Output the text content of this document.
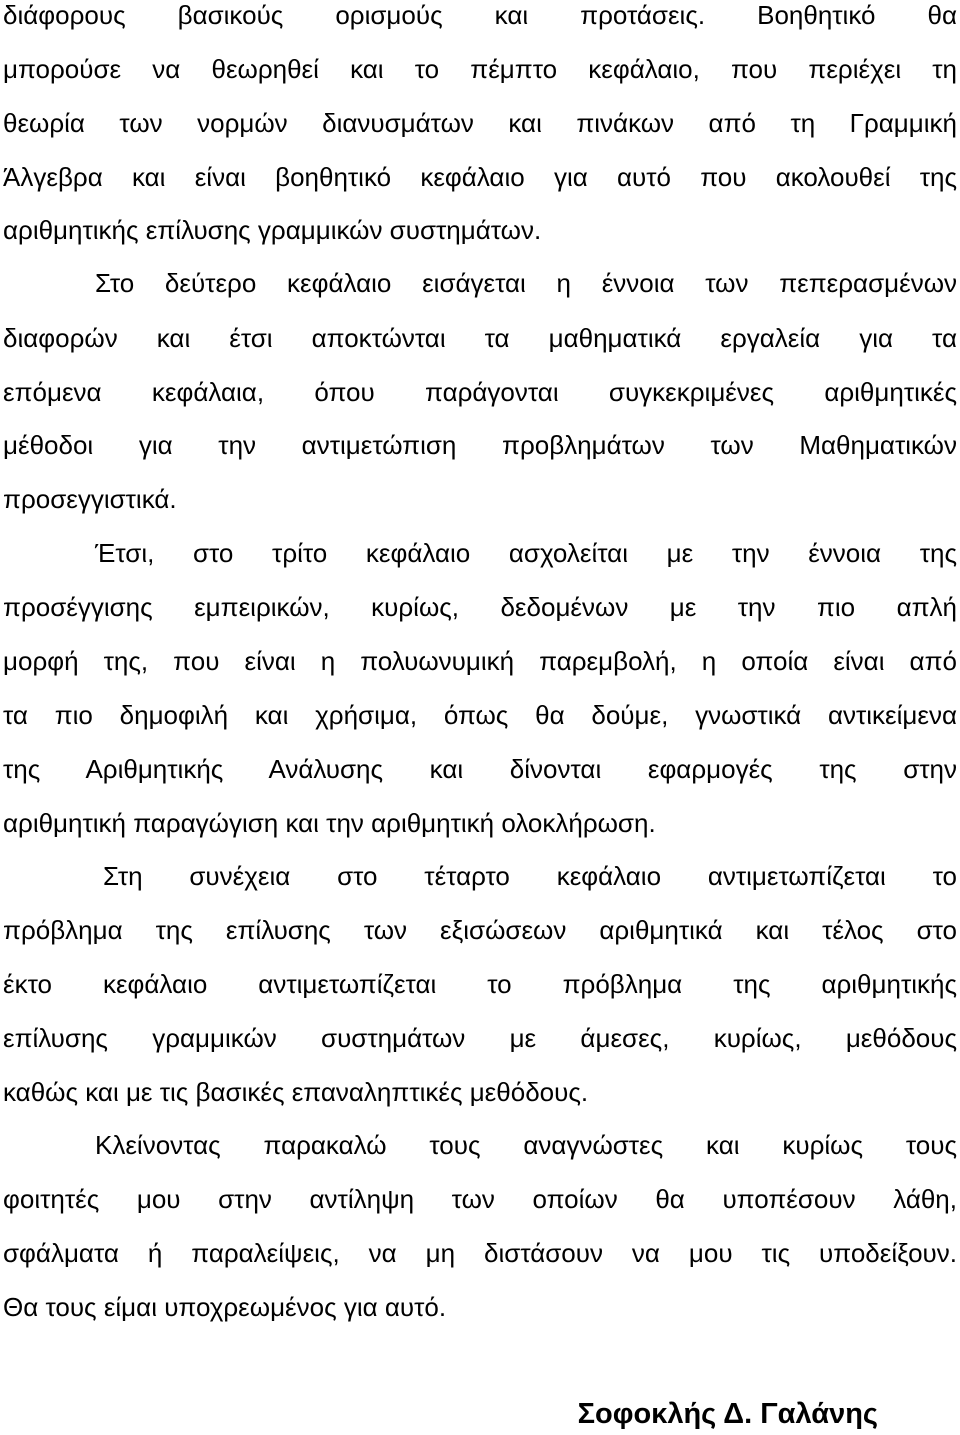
διάφορους βασικούς ορισμούς και προτάσεις. Βοηθητικό θα
μπορούσε να θεωρηθεί και το πέμπτο κεφάλαιο, που περιέχει τη
θεωρία των νορμών διανυσμάτων και πινάκων από τη Γραμμική
Άλγεβρα και είναι βοηθητικό κεφάλαιο για αυτό που ακολουθεί της
αριθμητικής επίλυσης γραμμικών συστημάτων.
Στο δεύτερο κεφάλαιο εισάγεται η έννοια των πεπερασμένων
διαφορών και έτσι αποκτώνται τα μαθηματικά εργαλεία για τα
επόμενα κεφάλαια, όπου παράγονται συγκεκριμένες αριθμητικές
μέθοδοι για την αντιμετώπιση προβλημάτων των Μαθηματικών
προσεγγιστικά.
Έτσι, στο τρίτο κεφάλαιο ασχολείται με την έννοια της
προσέγγισης εμπειρικών, κυρίως, δεδομένων με την πιο απλή
μορφή της, που είναι η πολυωνυμική παρεμβολή, η οποία είναι από
τα πιο δημοφιλή και χρήσιμα, όπως θα δούμε, γνωστικά αντικείμενα
της Αριθμητικής Ανάλυσης και δίνονται εφαρμογές της στην
αριθμητική παραγώγιση και την αριθμητική ολοκλήρωση.
Στη συνέχεια στο τέταρτο κεφάλαιο αντιμετωπίζεται το
πρόβλημα της επίλυσης των εξισώσεων αριθμητικά και τέλος στο
έκτο κεφάλαιο αντιμετωπίζεται το πρόβλημα της αριθμητικής
επίλυσης γραμμικών συστημάτων με άμεσες, κυρίως, μεθόδους
καθώς και με τις βασικές επαναληπτικές μεθόδους.
Κλείνοντας παρακαλώ τους αναγνώστες και κυρίως τους
φοιτητές μου στην αντίληψη των οποίων θα υποπέσουν λάθη,
σφάλματα ή παραλείψεις, να μη διστάσουν να μου τις υποδείξουν.
Θα τους είμαι υποχρεωμένος για αυτό.
Σοφοκλής Δ. Γαλάνης
